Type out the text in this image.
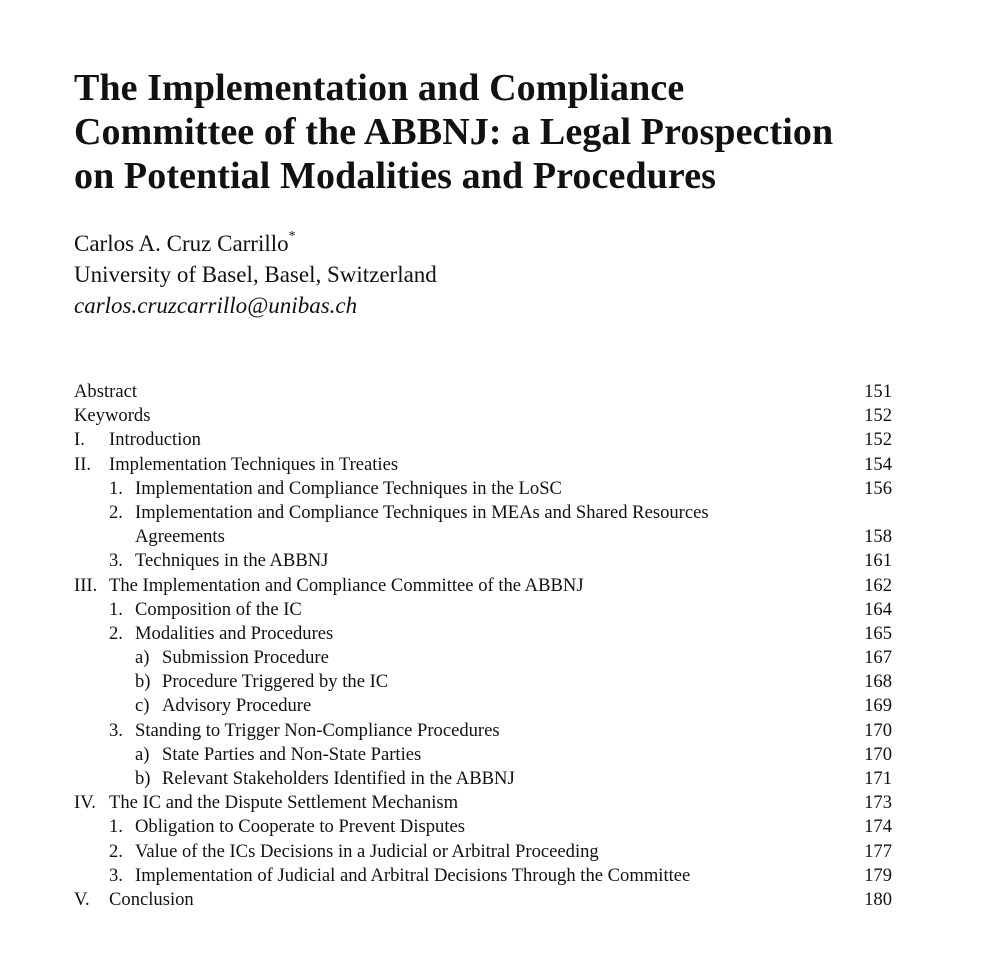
The Implementation and Compliance
Committee of the ABBNJ: a Legal Prospection
on Potential Modalities and Procedures
Carlos A. Cruz Carrillo*
University of Basel, Basel, Switzerland
carlos.cruzcarrillo@unibas.ch
Abstract	151
Keywords	152
I. Introduction	152
II. Implementation Techniques in Treaties	154
1. Implementation and Compliance Techniques in the LoSC	156
2. Implementation and Compliance Techniques in MEAs and Shared Resources
Agreements	158
3. Techniques in the ABBNJ	161
III. The Implementation and Compliance Committee of the ABBNJ	162
1. Composition of the IC	164
2. Modalities and Procedures	165
a) Submission Procedure	167
b) Procedure Triggered by the IC	168
c) Advisory Procedure	169
3. Standing to Trigger Non-Compliance Procedures	170
a) State Parties and Non-State Parties	170
b) Relevant Stakeholders Identified in the ABBNJ	171
IV. The IC and the Dispute Settlement Mechanism	173
1. Obligation to Cooperate to Prevent Disputes	174
2. Value of the ICs Decisions in a Judicial or Arbitral Proceeding	177
3. Implementation of Judicial and Arbitral Decisions Through the Committee	179
V. Conclusion	180
